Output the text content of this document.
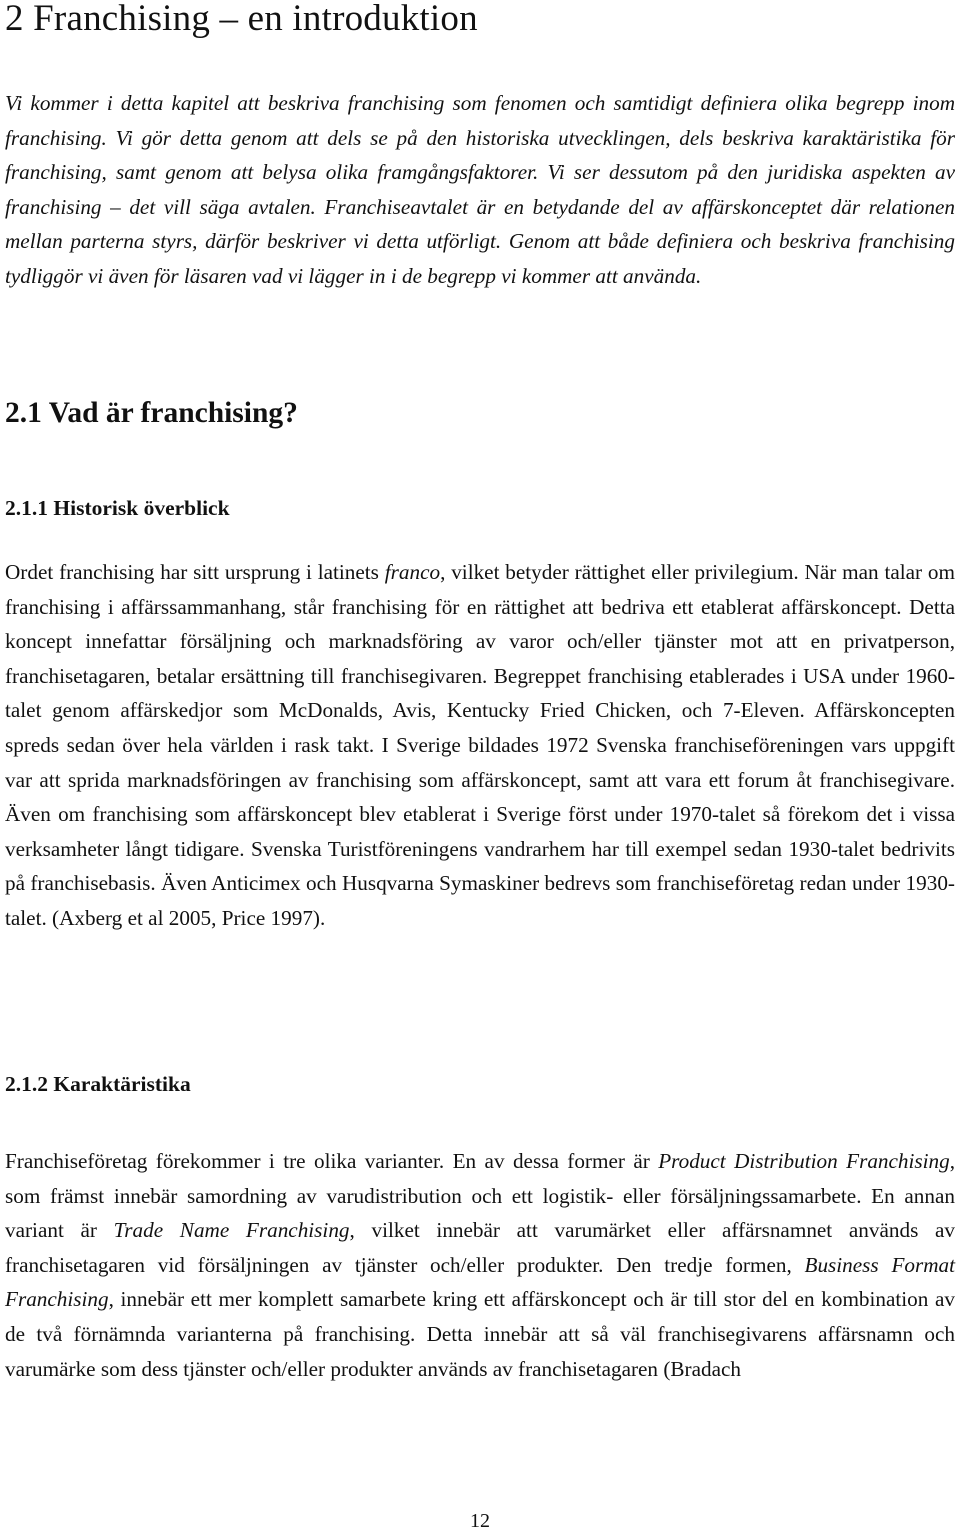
2 Franchising – en introduktion

Vi kommer i detta kapitel att beskriva franchising som fenomen och samtidigt definiera olika begrepp inom franchising. Vi gör detta genom att dels se på den historiska utvecklingen, dels beskriva karaktäristika för franchising, samt genom att belysa olika framgångsfaktorer. Vi ser dessutom på den juridiska aspekten av franchising – det vill säga avtalen. Franchiseavtalet är en betydande del av affärskonceptet där relationen mellan parterna styrs, därför beskriver vi detta utförligt. Genom att både definiera och beskriva franchising tydliggör vi även för läsaren vad vi lägger in i de begrepp vi kommer att använda.

2.1 Vad är franchising?
2.1.1 Historisk överblick

Ordet franchising har sitt ursprung i latinets franco, vilket betyder rättighet eller privilegium. När man talar om franchising i affärssammanhang, står franchising för en rättighet att bedriva ett etablerat affärskoncept. Detta koncept innefattar försäljning och marknadsföring av varor och/eller tjänster mot att en privatperson, franchisetagaren, betalar ersättning till franchisegivaren. Begreppet franchising etablerades i USA under 1960-talet genom affärskedjor som McDonalds, Avis, Kentucky Fried Chicken, och 7-Eleven. Affärskoncepten spreds sedan över hela världen i rask takt. I Sverige bildades 1972 Svenska franchiseföreningen vars uppgift var att sprida marknadsföringen av franchising som affärskoncept, samt att vara ett forum åt franchisegivare. Även om franchising som affärskoncept blev etablerat i Sverige först under 1970-talet så förekom det i vissa verksamheter långt tidigare. Svenska Turistföreningens vandrarhem har till exempel sedan 1930-talet bedrivits på franchisebasis. Även Anticimex och Husqvarna Symaskiner bedrevs som franchiseföretag redan under 1930-talet. (Axberg et al 2005, Price 1997).

2.1.2 Karaktäristika

Franchiseföretag förekommer i tre olika varianter. En av dessa former är Product Distribution Franchising, som främst innebär samordning av varudistribution och ett logistik- eller försäljningssamarbete. En annan variant är Trade Name Franchising, vilket innebär att varumärket eller affärsnamnet används av franchisetagaren vid försäljningen av tjänster och/eller produkter. Den tredje formen, Business Format Franchising, innebär ett mer komplett samarbete kring ett affärskoncept och är till stor del en kombination av de två förnämnda varianterna på franchising. Detta innebär att så väl franchisegivarens affärsnamn och varumärke som dess tjänster och/eller produkter används av franchisetagaren (Bradach

12
